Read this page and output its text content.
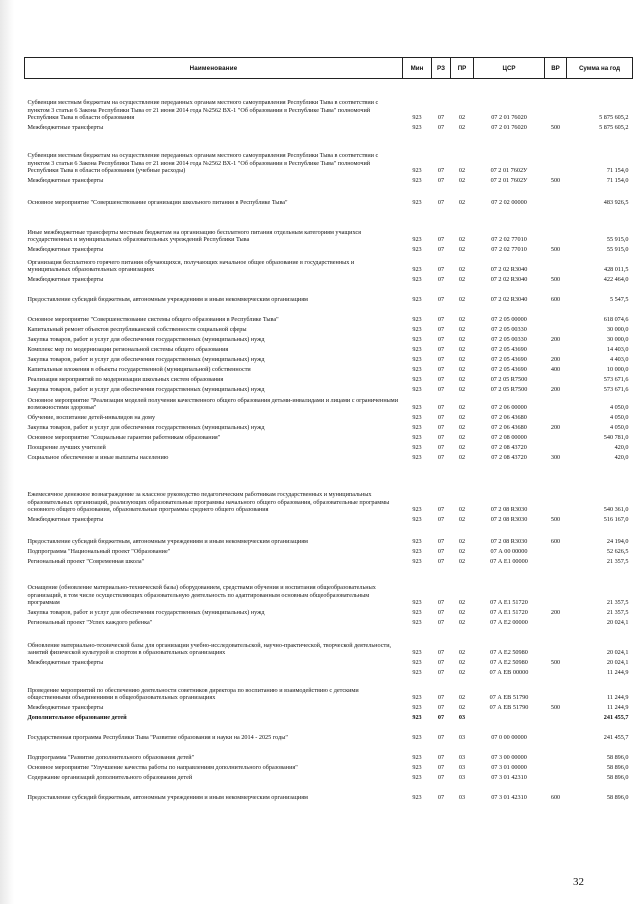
Наименование	Мин	РЗ	ПР	ЦСР	ВР	Сумма на год
Субвенции местным бюджетам на осуществление переданных органам местного самоуправления Республики Тыва в соответствии с пунктом 3 статьи 6 Закона Республики Тыва от 21 июня 2014 года №2562 ВХ-1 "Об образовании в Республике Тыва" полномочий Республики Тыва в области образования	923	07	02	07 2 01 76020		5 875 605,2
Межбюджетные трансферты	923	07	02	07 2 01 76020	500	5 875 605,2
Субвенции местным бюджетам на осуществление переданных органам местного самоуправления Республики Тыва в соответствии с пунктом 3 статьи 6 Закона Республики Тыва от 21 июня 2014 года №2562 ВХ-1 "Об образовании в Республике Тыва" полномочий Республики Тыва в области образования (учебные расходы)	923	07	02	07 2 01 7602У		71 154,0
Межбюджетные трансферты	923	07	02	07 2 01 7602У	500	71 154,0
Основное мероприятие "Совершенствование организации школьного питания в Республике Тыва"	923	07	02	07 2 02 00000		483 926,5
Иные межбюджетные трансферты местным бюджетам на организацию бесплатного питания отдельным категориям учащихся государственных и муниципальных образовательных учреждений Республики Тыва	923	07	02	07 2 02 77010		55 915,0
Межбюджетные трансферты	923	07	02	07 2 02 77010	500	55 915,0
Организация бесплатного горячего питания обучающихся, получающих начальное общее образование в государственных и муниципальных образовательных организациях	923	07	02	07 2 02 R3040		428 011,5
Межбюджетные трансферты	923	07	02	07 2 02 R3040	500	422 464,0
Предоставление субсидий бюджетным, автономным учреждениям и иным некоммерческим организациям	923	07	02	07 2 02 R3040	600	5 547,5
Основное мероприятие "Совершенствование системы общего образования в Республике Тыва"	923	07	02	07 2 05 00000		618 074,6
Капитальный ремонт объектов республиканской собственности социальной сферы	923	07	02	07 2 05 00330		30 000,0
Закупка товаров, работ и услуг для обеспечения государственных (муниципальных) нужд	923	07	02	07 2 05 00330	200	30 000,0
Комплекс мер по модернизации региональной системы общего образования	923	07	02	07 2 05 43690		14 403,0
Закупка товаров, работ и услуг для обеспечения государственных (муниципальных) нужд	923	07	02	07 2 05 43690	200	4 403,0
Капитальные вложения в объекты государственной (муниципальной) собственности	923	07	02	07 2 05 43690	400	10 000,0
Реализация мероприятий по модернизации школьных систем образования	923	07	02	07 2 05 R7500		573 671,6
Закупка товаров, работ и услуг для обеспечения государственных (муниципальных) нужд	923	07	02	07 2 05 R7500	200	573 671,6
Основное мероприятие "Реализация моделей получения качественного общего образования детьми-инвалидами и лицами с ограниченными возможностями здоровья"	923	07	02	07 2 06 00000		4 050,0
Обучение, воспитание детей-инвалидов на дому	923	07	02	07 2 06 43680		4 050,0
Закупка товаров, работ и услуг для обеспечения государственных (муниципальных) нужд	923	07	02	07 2 06 43680	200	4 050,0
Основное мероприятие "Социальные гарантии работникам образования"	923	07	02	07 2 08 00000		540 781,0
Поощрение лучших учителей	923	07	02	07 2 08 43720		420,0
Социальное обеспечение и иные выплаты населению	923	07	02	07 2 08 43720	300	420,0
Ежемесячное денежное вознаграждение за классное руководство педагогическим работникам государственных и муниципальных образовательных организаций, реализующих образовательные программы начального общего образования, образовательные программы основного общего образования, образовательные программы среднего общего образования	923	07	02	07 2 08 R3030		540 361,0
Межбюджетные трансферты	923	07	02	07 2 08 R3030	500	516 167,0
Предоставление субсидий бюджетным, автономным учреждениям и иным некоммерческим организациям	923	07	02	07 2 08 R3030	600	24 194,0
Подпрограмма "Национальный проект "Образование"	923	07	02	07 А 00 00000		52 626,5
Региональный проект "Современная школа"	923	07	02	07 А Е1 00000		21 357,5
Оснащение (обновление материально-технической базы) оборудованием, средствами обучения и воспитания общеобразовательных организаций, в том числе осуществляющих образовательную деятельность по адаптированным основным общеобразовательным программам	923	07	02	07 А Е1 51720		21 357,5
Закупка товаров, работ и услуг для обеспечения государственных (муниципальных) нужд	923	07	02	07 А Е1 51720	200	21 357,5
Региональный проект "Успех каждого ребенка"	923	07	02	07 А Е2 00000		20 024,1
Обновление материально-технической базы для организации учебно-исследовательской, научно-практической, творческой деятельности, занятий физической культурой и спортом в образовательных организациях	923	07	02	07 А Е2 50980		20 024,1
Межбюджетные трансферты	923	07	02	07 А Е2 50980	500	20 024,1
	923	07	02	07 А ЕВ 00000		11 244,9
Проведение мероприятий по обеспечению деятельности советников директора по воспитанию и взаимодействию с детскими общественными объединениями в общеобразовательных организациях	923	07	02	07 А ЕВ 51790		11 244,9
Межбюджетные трансферты	923	07	02	07 А ЕВ 51790	500	11 244,9
Дополнительное образование детей	923	07	03			241 455,7
Государственная программа Республики Тыва "Развитие образования и науки на 2014 - 2025 годы"	923	07	03	07 0 00 00000		241 455,7
Подпрограмма "Развитие дополнительного образования детей"	923	07	03	07 3 00 00000		58 896,0
Основное мероприятие "Улучшение качества работы по направлениям дополнительного образования"	923	07	03	07 3 01 00000		58 896,0
Содержание организаций дополнительного образования детей	923	07	03	07 3 01 42310		58 896,0
Предоставление субсидий бюджетным, автономным учреждениям и иным некоммерческим организациям	923	07	03	07 3 01 42310	600	58 896,0
32
